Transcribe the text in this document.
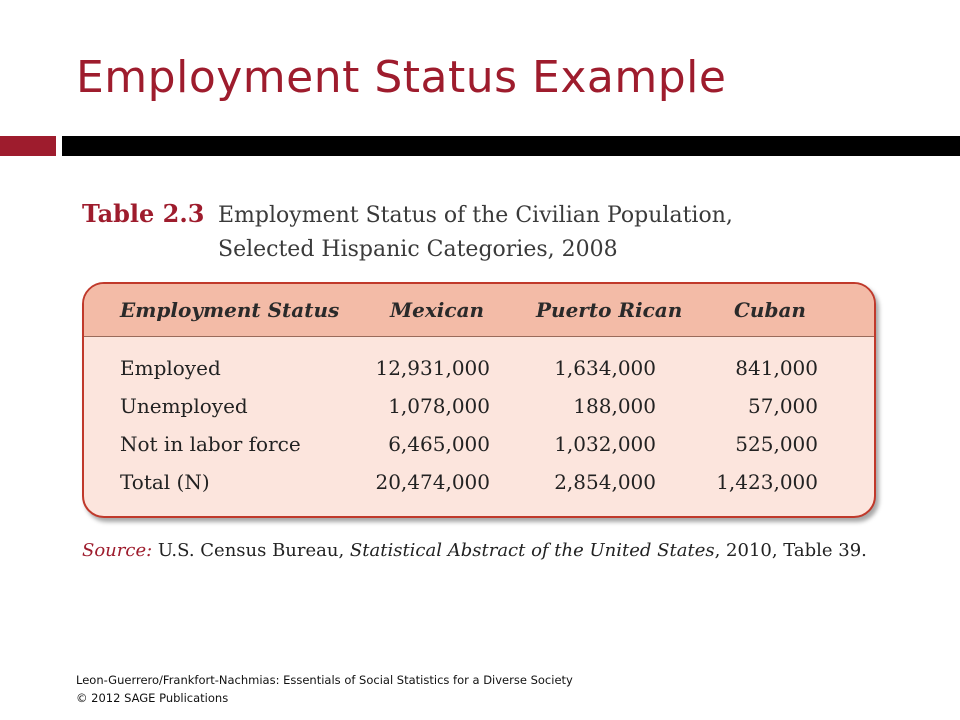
Employment Status Example
Table 2.3 Employment Status of the Civilian Population,
Selected Hispanic Categories, 2008
Employment Status	Mexican	Puerto Rican	Cuban
Employed	12,931,000	1,634,000	841,000
Unemployed	1,078,000	188,000	57,000
Not in labor force	6,465,000	1,032,000	525,000
Total (N)	20,474,000	2,854,000	1,423,000
Source: U.S. Census Bureau, Statistical Abstract of the United States, 2010, Table 39.
Leon-Guerrero/Frankfort-Nachmias: Essentials of Social Statistics for a Diverse Society
© 2012 SAGE Publications
